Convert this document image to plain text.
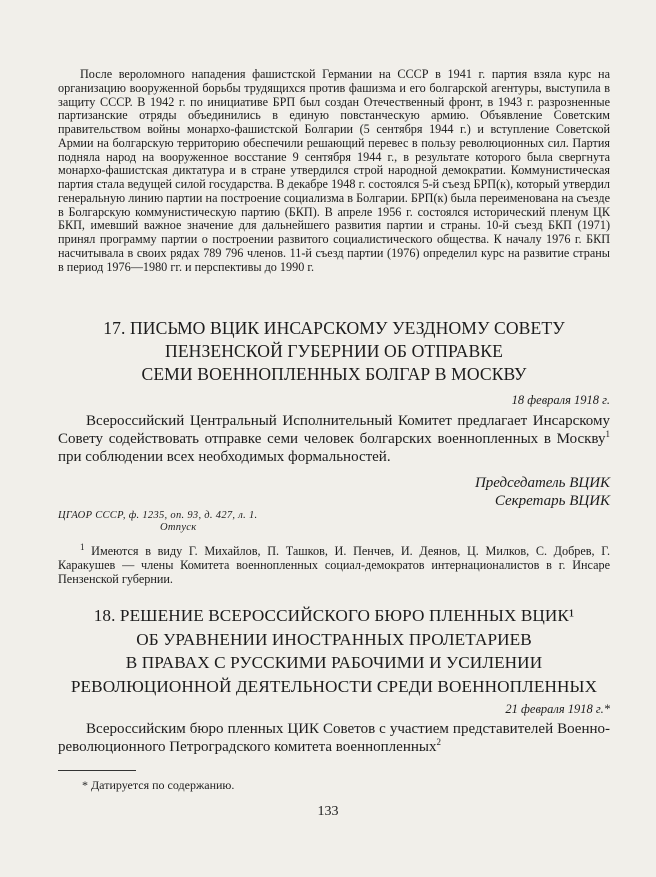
После вероломного нападения фашистской Германии на СССР в 1941 г. партия взяла курс на организацию вооруженной борьбы трудящихся против фашизма и его болгарской агентуры, выступила в защиту СССР. В 1942 г. по инициативе БРП был создан Отечественный фронт, в 1943 г. разрозненные партизанские отряды объединились в единую повстанческую армию. Объявление Советским правительством войны монархо-фашистской Болгарии (5 сентября 1944 г.) и вступление Советской Армии на болгарскую территорию обеспечили решающий перевес в пользу революционных сил. Партия подняла народ на вооруженное восстание 9 сентября 1944 г., в результате которого была свергнута монархо-фашистская диктатура и в стране утвердился строй народной демократии. Коммунистическая партия стала ведущей силой государства. В декабре 1948 г. состоялся 5-й съезд БРП(к), который утвердил генеральную линию партии на построение социализма в Болгарии. БРП(к) была переименована на съезде в Болгарскую коммунистическую партию (БКП). В апреле 1956 г. состоялся исторический пленум ЦК БКП, имевший важное значение для дальнейшего развития партии и страны. 10-й съезд БКП (1971) принял программу партии о построении развитого социалистического общества. К началу 1976 г. БКП насчитывала в своих рядах 789 796 членов. 11-й съезд партии (1976) определил курс на развитие страны в период 1976—1980 гг. и перспективы до 1990 г.

17. ПИСЬМО ВЦИК ИНСАРСКОМУ УЕЗДНОМУ СОВЕТУ
ПЕНЗЕНСКОЙ ГУБЕРНИИ ОБ ОТПРАВКЕ
СЕМИ ВОЕННОПЛЕННЫХ БОЛГАР В МОСКВУ

18 февраля 1918 г.

Всероссийский Центральный Исполнительный Комитет предлагает Инсарскому Совету содействовать отправке семи человек болгарских военнопленных в Москву$^1$ при соблюдении всех необходимых формальностей.

Председатель ВЦИК
Секретарь ВЦИК

ЦГАОР СССР, ф. 1235, оп. 93, д. 427, л. 1.
Отпуск

$^1$ Имеются в виду Г. Михайлов, П. Ташков, И. Пенчев, И. Деянов, Ц. Милков, С. Добрев, Г. Каракушев — члены Комитета военнопленных социал-демократов интернационалистов в г. Инсаре Пензенской губернии.

18. РЕШЕНИЕ ВСЕРОССИЙСКОГО БЮРО ПЛЕННЫХ ВЦИК¹
ОБ УРАВНЕНИИ ИНОСТРАННЫХ ПРОЛЕТАРИЕВ
В ПРАВАХ С РУССКИМИ РАБОЧИМИ И УСИЛЕНИИ
РЕВОЛЮЦИОННОЙ ДЕЯТЕЛЬНОСТИ СРЕДИ ВОЕННОПЛЕННЫХ

21 февраля 1918 г.*

Всероссийским бюро пленных ЦИК Советов с участием представителей Военно-революционного Петроградского комитета военнопленных$^2$

* Датируется по содержанию.

133
